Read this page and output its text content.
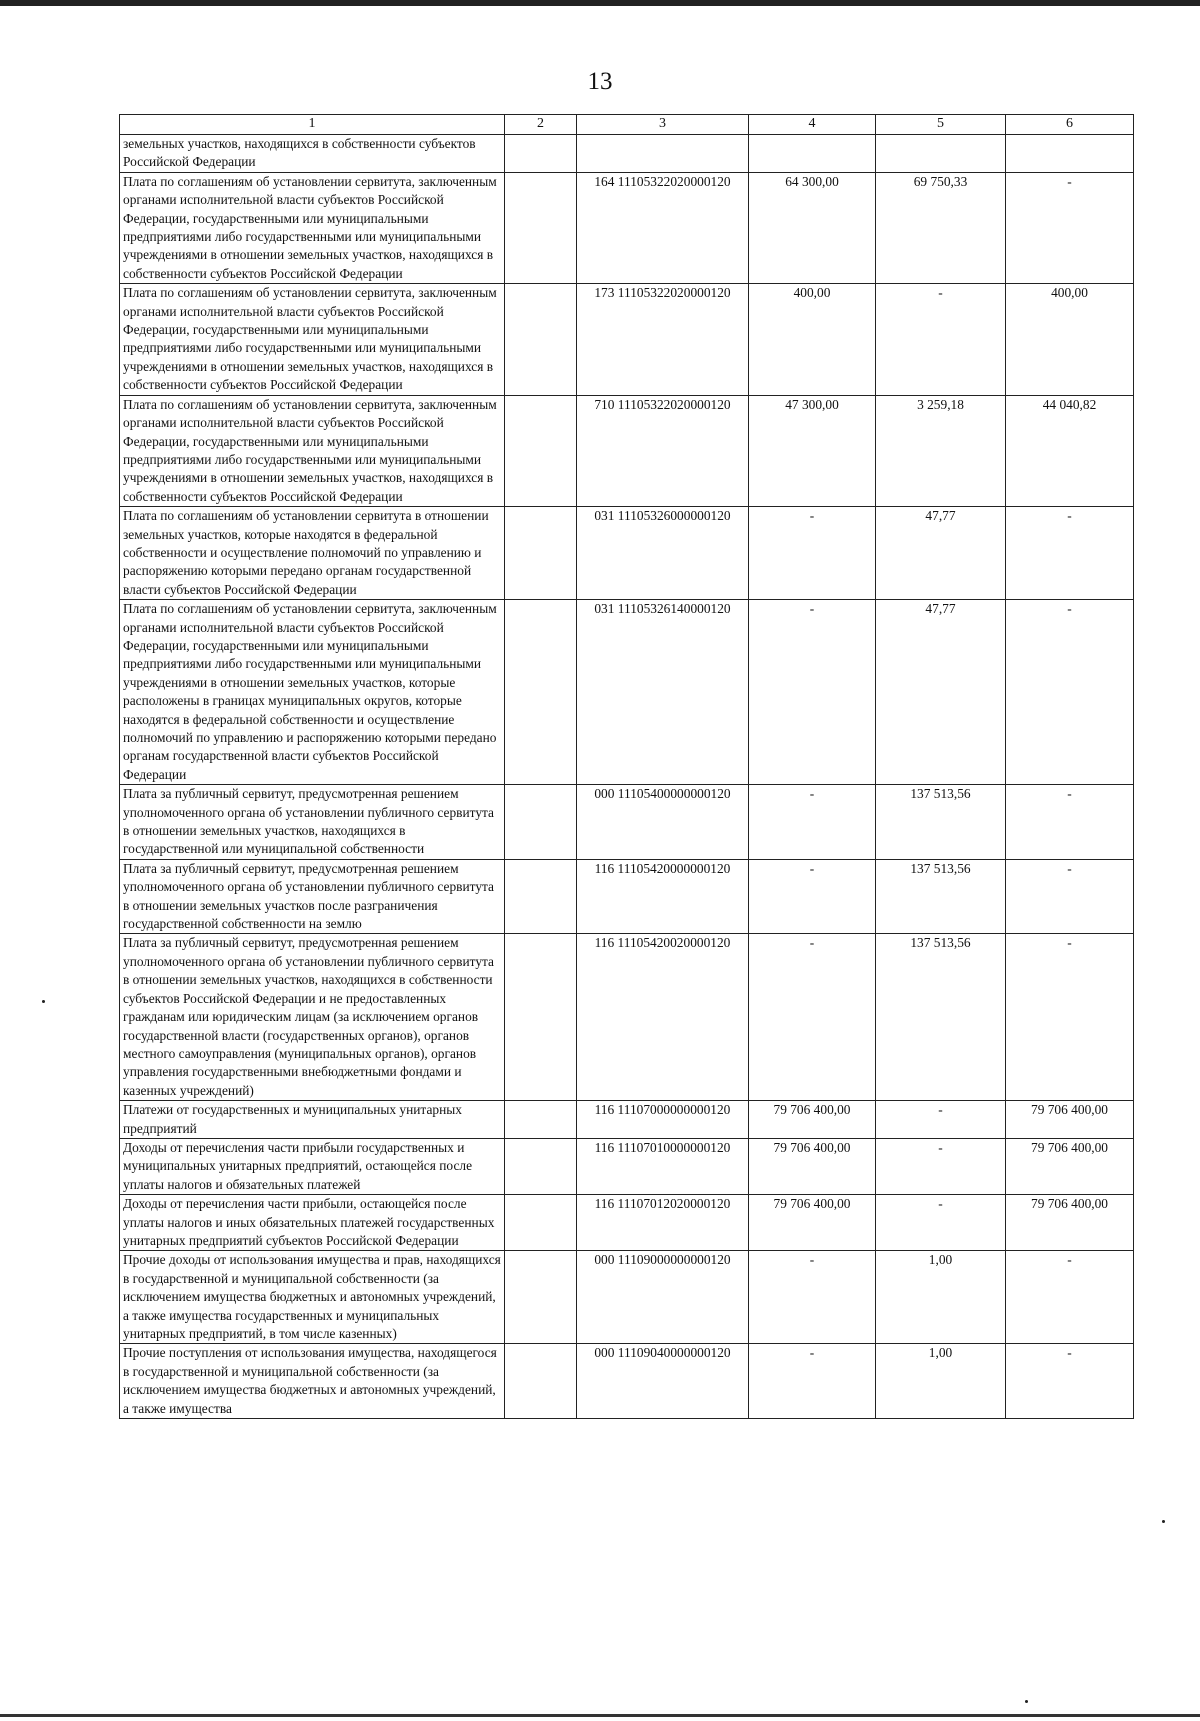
13
1	2	3	4	5	6
земельных участков, находящихся в собственности субъектов Российской Федерации					
Плата по соглашениям об установлении сервитута, заключенным органами исполнительной власти субъектов Российской Федерации, государственными или муниципальными предприятиями либо государственными или муниципальными учреждениями в отношении земельных участков, находящихся в собственности субъектов Российской Федерации		164 11105322020000120	64 300,00	69 750,33	-
Плата по соглашениям об установлении сервитута, заключенным органами исполнительной власти субъектов Российской Федерации, государственными или муниципальными предприятиями либо государственными или муниципальными учреждениями в отношении земельных участков, находящихся в собственности субъектов Российской Федерации		173 11105322020000120	400,00	-	400,00
Плата по соглашениям об установлении сервитута, заключенным органами исполнительной власти субъектов Российской Федерации, государственными или муниципальными предприятиями либо государственными или муниципальными учреждениями в отношении земельных участков, находящихся в собственности субъектов Российской Федерации		710 11105322020000120	47 300,00	3 259,18	44 040,82
Плата по соглашениям об установлении сервитута в отношении земельных участков, которые находятся в федеральной собственности и осуществление полномочий по управлению и распоряжению которыми передано органам государственной власти субъектов Российской Федерации		031 11105326000000120	-	47,77	-
Плата по соглашениям об установлении сервитута, заключенным органами исполнительной власти субъектов Российской Федерации, государственными или муниципальными предприятиями либо государственными или муниципальными учреждениями в отношении земельных участков, которые расположены в границах муниципальных округов, которые находятся в федеральной собственности и осуществление полномочий по управлению и распоряжению которыми передано органам государственной власти субъектов Российской Федерации		031 11105326140000120	-	47,77	-
Плата за публичный сервитут, предусмотренная решением уполномоченного органа об установлении публичного сервитута в отношении земельных участков, находящихся в государственной или муниципальной собственности		000 11105400000000120	-	137 513,56	-
Плата за публичный сервитут, предусмотренная решением уполномоченного органа об установлении публичного сервитута в отношении земельных участков после разграничения государственной собственности на землю		116 11105420000000120	-	137 513,56	-
Плата за публичный сервитут, предусмотренная решением уполномоченного органа об установлении публичного сервитута в отношении земельных участков, находящихся в собственности субъектов Российской Федерации и не предоставленных гражданам или юридическим лицам (за исключением органов государственной власти (государственных органов), органов местного самоуправления (муниципальных органов), органов управления государственными внебюджетными фондами и казенных учреждений)		116 11105420020000120	-	137 513,56	-
Платежи от государственных и муниципальных унитарных предприятий		116 11107000000000120	79 706 400,00	-	79 706 400,00
Доходы от перечисления части прибыли государственных и муниципальных унитарных предприятий, остающейся после уплаты налогов и обязательных платежей		116 11107010000000120	79 706 400,00	-	79 706 400,00
Доходы от перечисления части прибыли, остающейся после уплаты налогов и иных обязательных платежей государственных унитарных предприятий субъектов Российской Федерации		116 11107012020000120	79 706 400,00	-	79 706 400,00
Прочие доходы от использования имущества и прав, находящихся в государственной и муниципальной собственности (за исключением имущества бюджетных и автономных учреждений, а также имущества государственных и муниципальных унитарных предприятий, в том числе казенных)		000 11109000000000120	-	1,00	-
Прочие поступления от использования имущества, находящегося в государственной и муниципальной собственности (за исключением имущества бюджетных и автономных учреждений, а также имущества		000 11109040000000120	-	1,00	-
